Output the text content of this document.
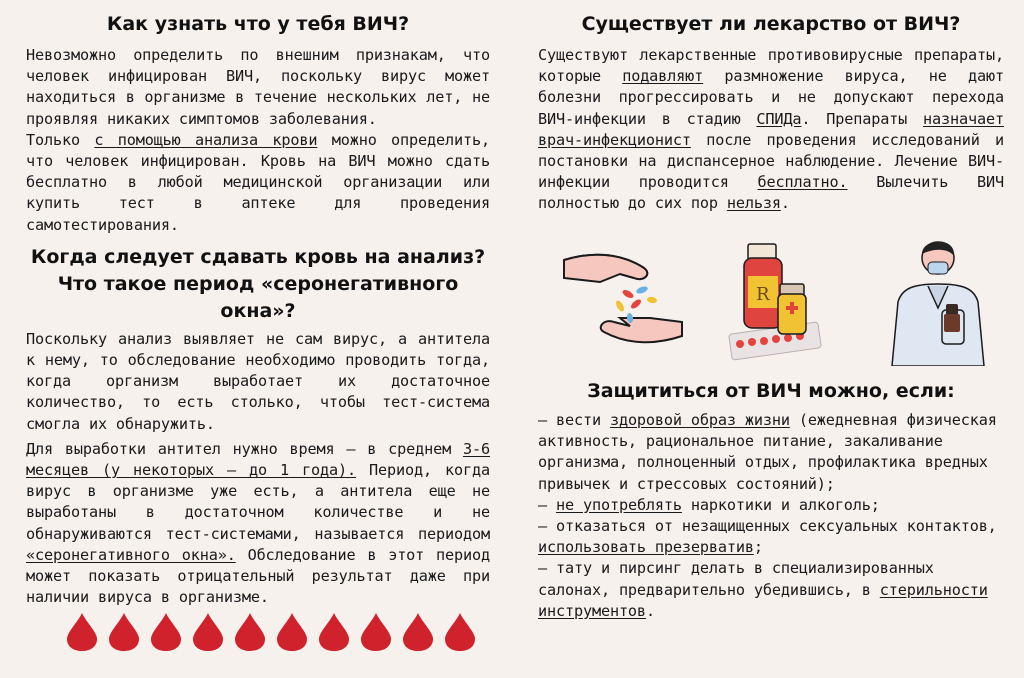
Как узнать что у тебя ВИЧ?

Невозможно определить по внешним признакам, что человек инфицирован ВИЧ, поскольку вирус может находиться в организме в течение нескольких лет, не проявляя никаких симптомов заболевания.

Только с помощью анализа крови можно определить, что человек инфицирован. Кровь на ВИЧ можно сдать бесплатно в любой медицинской организации или купить тест в аптеке для проведения самотестирования.

Когда следует сдавать кровь на анализ?
Что такое период «серонегативного окна»?

Поскольку анализ выявляет не сам вирус, а антитела к нему, то обследование необходимо проводить тогда, когда организм выработает их достаточное количество, то есть столько, чтобы тест-система смогла их обнаружить.

Для выработки антител нужно время – в среднем 3-6 месяцев (у некоторых – до 1 года). Период, когда вирус в организме уже есть, а антитела еще не выработаны в достаточном количестве и не обнаруживаются тест-системами, называется периодом «серонегативного окна». Обследование в этот период может показать отрицательный результат даже при наличии вируса в организме.

Существует ли лекарство от ВИЧ?

Существуют лекарственные противовирусные препараты, которые подавляют размножение вируса, не дают болезни прогрессировать и не допускают перехода ВИЧ-инфекции в стадию СПИДа. Препараты назначает врач-инфекционист после проведения исследований и постановки на диспансерное наблюдение. Лечение ВИЧ-инфекции проводится бесплатно. Вылечить ВИЧ полностью до сих пор нельзя.

R
Защититься от ВИЧ можно, если:

– вести здоровой образ жизни (ежедневная физическая активность, рациональное питание, закаливание организма, полноценный отдых, профилактика вредных привычек и стрессовых состояний);

– не употреблять наркотики и алкоголь;

– отказаться от незащищенных сексуальных контактов, использовать презерватив;

– тату и пирсинг делать в специализированных салонах, предварительно убедившись, в стерильности инструментов.
